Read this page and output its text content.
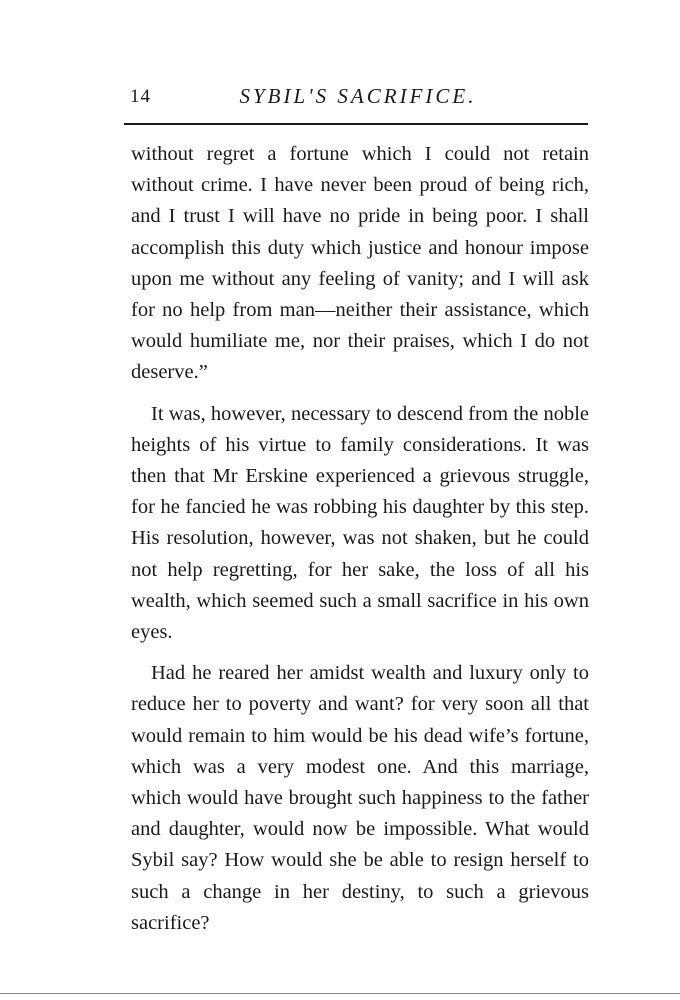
14	SYBIL'S SACRIFICE.

without regret a fortune which I could not retain without crime. I have never been proud of being rich, and I trust I will have no pride in being poor. I shall accomplish this duty which justice and honour impose upon me without any feeling of vanity; and I will ask for no help from man—neither their assistance, which would humiliate me, nor their praises, which I do not deserve.”

It was, however, necessary to descend from the noble heights of his virtue to family considerations. It was then that Mr Erskine experienced a grievous struggle, for he fancied he was robbing his daughter by this step. His resolution, however, was not shaken, but he could not help regretting, for her sake, the loss of all his wealth, which seemed such a small sacrifice in his own eyes.

Had he reared her amidst wealth and luxury only to reduce her to poverty and want? for very soon all that would remain to him would be his dead wife’s fortune, which was a very modest one. And this marriage, which would have brought such happiness to the father and daughter, would now be impossible. What would Sybil say? How would she be able to resign herself to such a change in her destiny, to such a grievous sacrifice?
